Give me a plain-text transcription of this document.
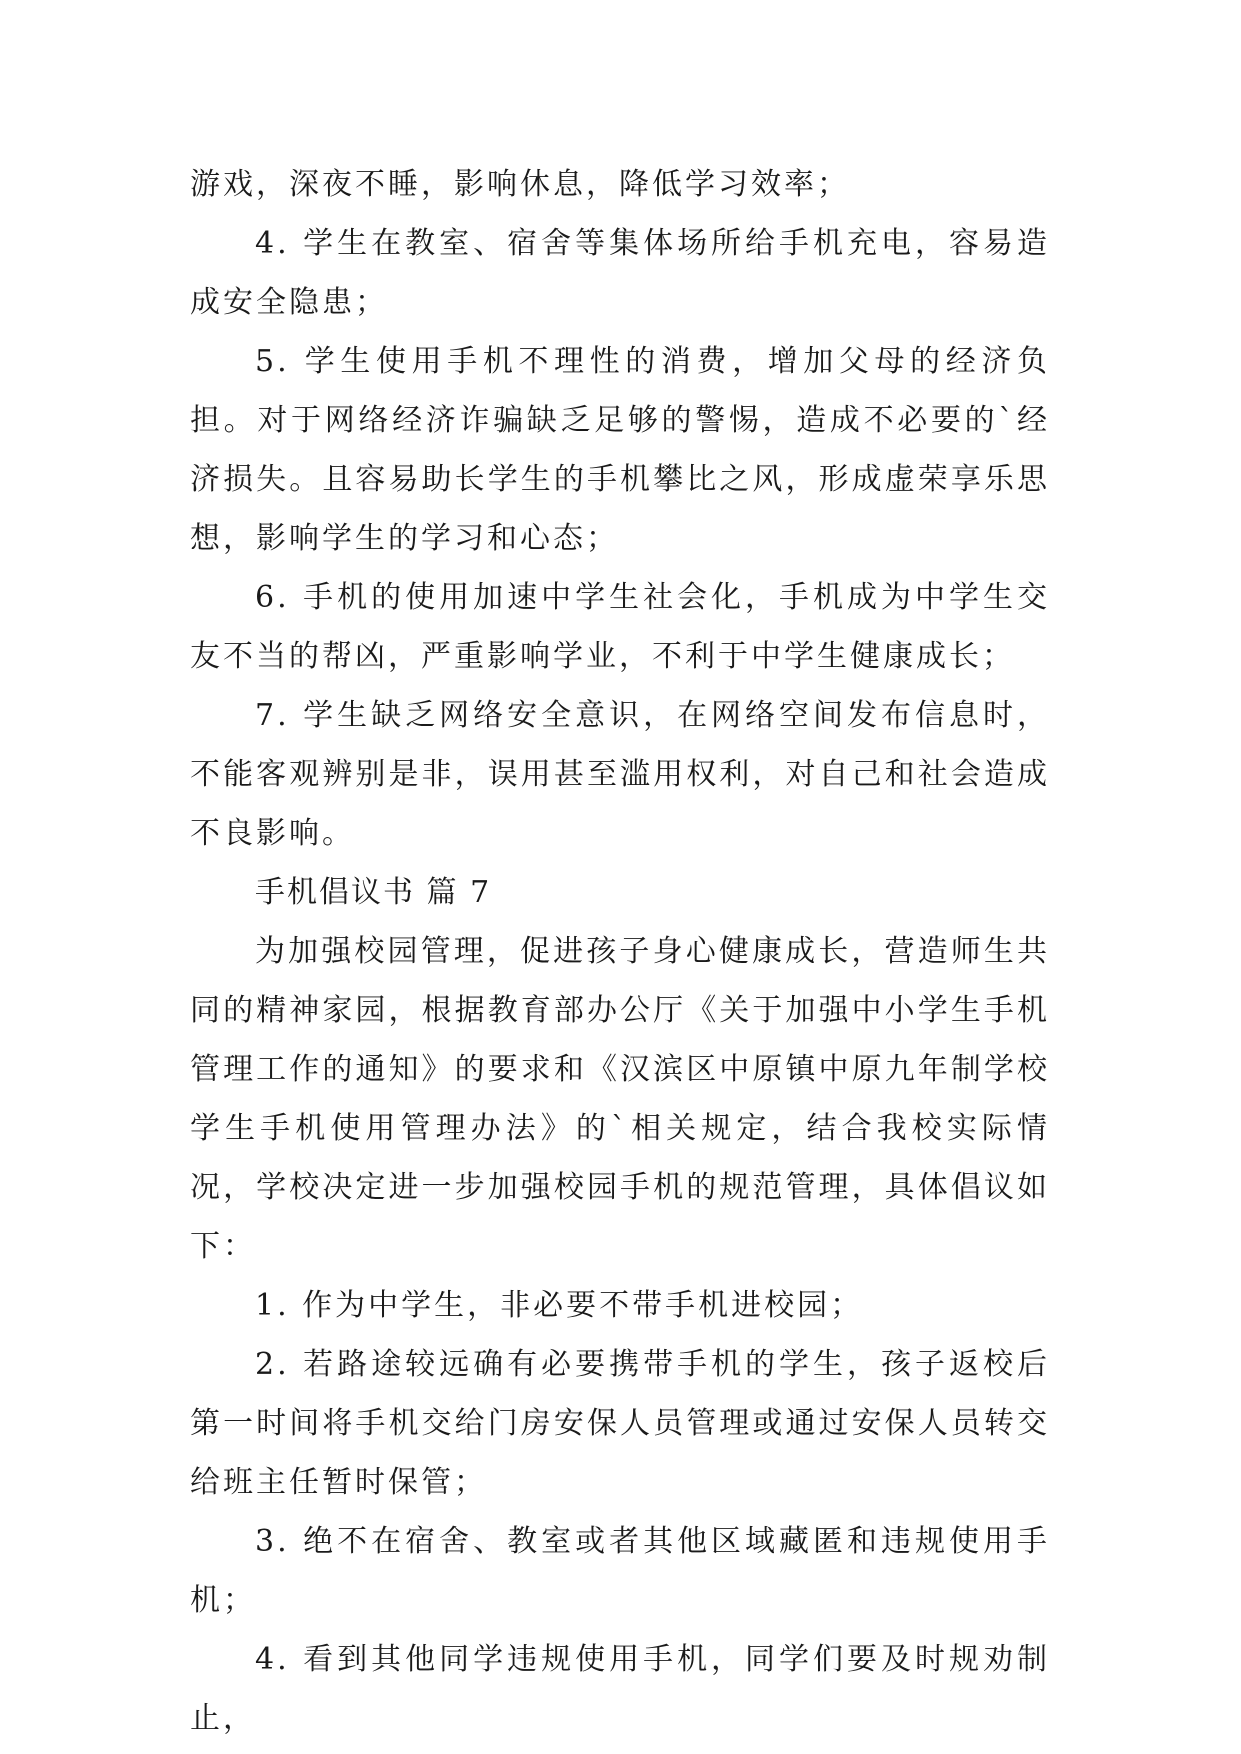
游戏，深夜不睡，影响休息，降低学习效率；

4. 学生在教室、宿舍等集体场所给手机充电，容易造成安全隐患；

5. 学生使用手机不理性的消费，增加父母的经济负担。对于网络经济诈骗缺乏足够的警惕，造成不必要的`经济损失。且容易助长学生的手机攀比之风，形成虚荣享乐思想，影响学生的学习和心态；

6. 手机的使用加速中学生社会化，手机成为中学生交友不当的帮凶，严重影响学业，不利于中学生健康成长；

7. 学生缺乏网络安全意识，在网络空间发布信息时，不能客观辨别是非，误用甚至滥用权利，对自己和社会造成不良影响。

手机倡议书 篇 7

为加强校园管理，促进孩子身心健康成长，营造师生共同的精神家园，根据教育部办公厅《关于加强中小学生手机管理工作的通知》的要求和《汉滨区中原镇中原九年制学校学生手机使用管理办法》的`相关规定，结合我校实际情况，学校决定进一步加强校园手机的规范管理，具体倡议如下：

1. 作为中学生，非必要不带手机进校园；

2. 若路途较远确有必要携带手机的学生，孩子返校后第一时间将手机交给门房安保人员管理或通过安保人员转交给班主任暂时保管；

3. 绝不在宿舍、教室或者其他区域藏匿和违规使用手机；

4. 看到其他同学违规使用手机，同学们要及时规劝制止，
